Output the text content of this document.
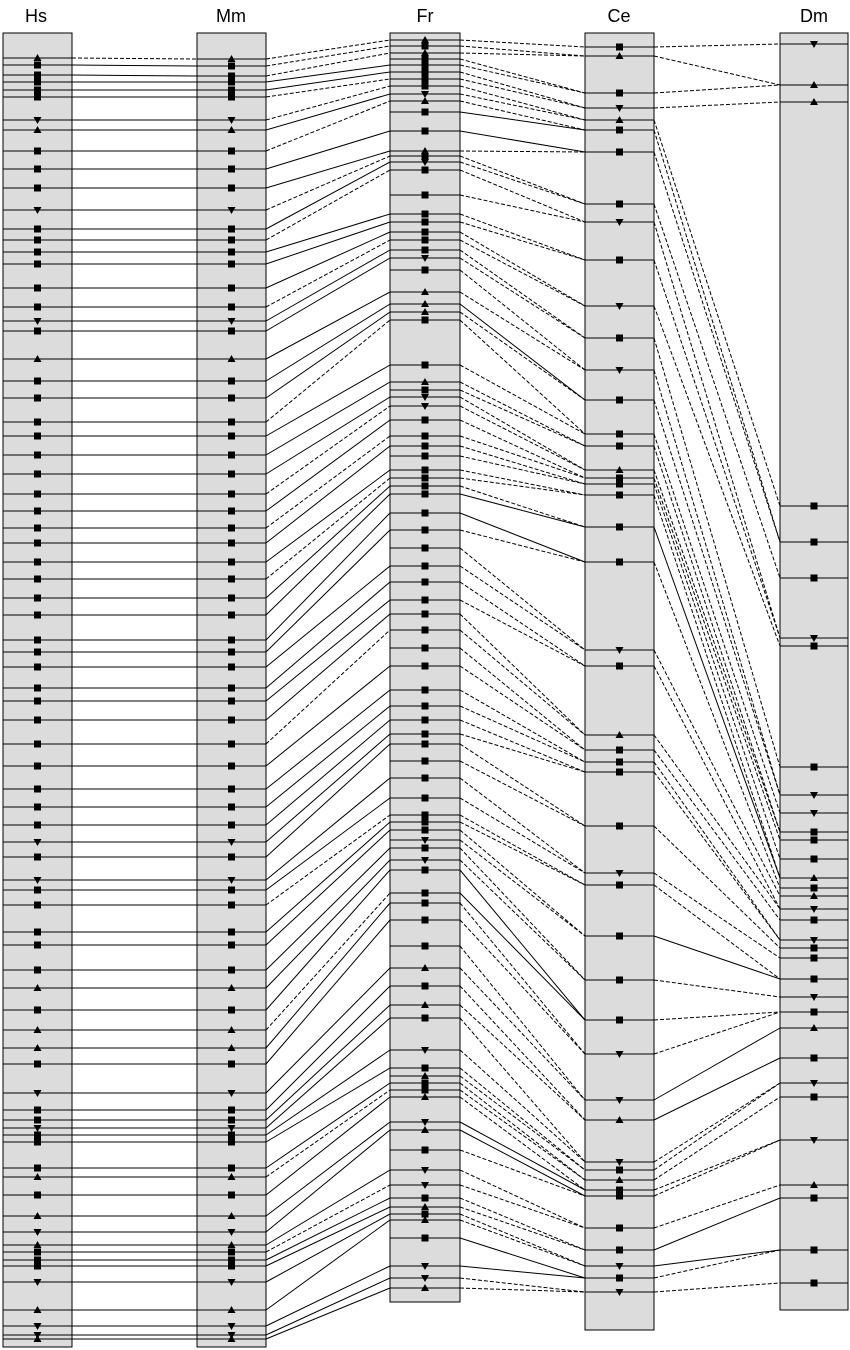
Hs	Mm	Fr	Ce	Dm
